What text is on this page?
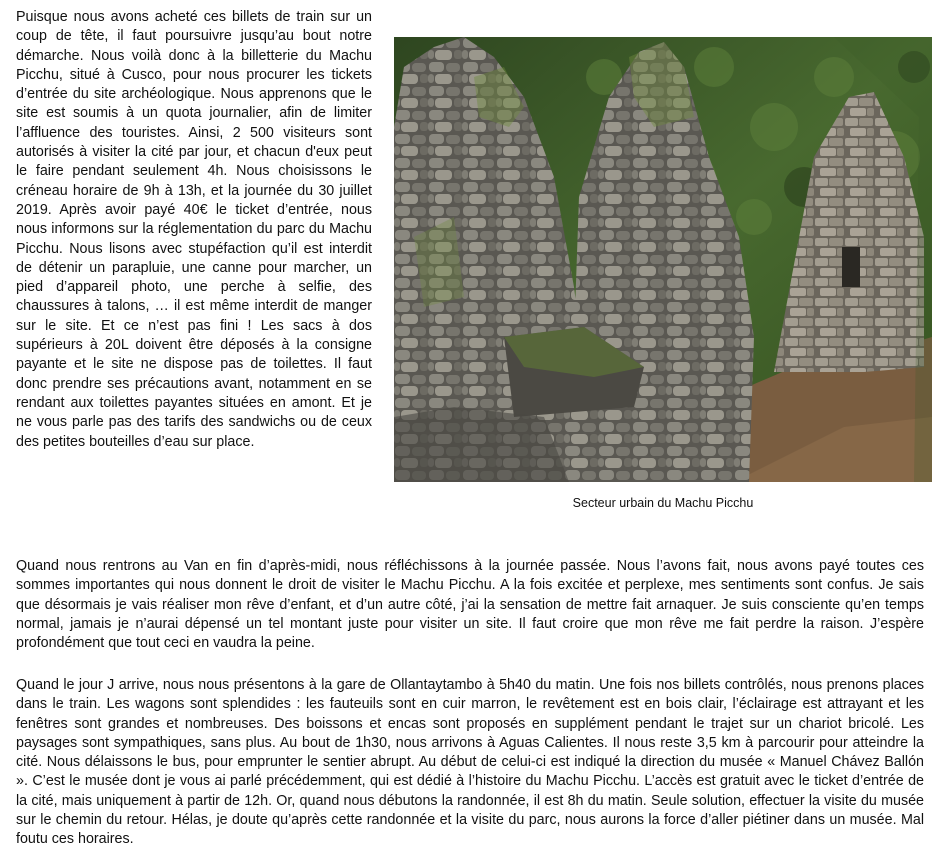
Puisque nous avons acheté ces billets de train sur un coup de tête, il faut poursuivre jusqu’au bout notre démarche. Nous voilà donc à la billetterie du Machu Picchu, situé à Cusco, pour nous procurer les tickets d’entrée du site archéologique. Nous apprenons que le site est soumis à un quota journalier, afin de limiter l’affluence des touristes. Ainsi, 2 500 visiteurs sont autorisés à visiter la cité par jour, et chacun d'eux peut le faire pendant seulement 4h. Nous choisissons le créneau horaire de 9h à 13h, et la journée du 30 juillet 2019. Après avoir payé 40€ le ticket d’entrée, nous nous informons sur la réglementation du parc du Machu Picchu. Nous lisons avec stupéfaction qu’il est interdit de détenir un parapluie, une canne pour marcher, un pied d’appareil photo, une perche à selfie, des chaussures à talons, … il est même interdit de manger sur le site. Et ce n’est pas fini ! Les sacs à dos supérieurs à 20L doivent être déposés à la consigne payante et le site ne dispose pas de toilettes. Il faut donc prendre ses précautions avant, notamment en se rendant aux toilettes payantes situées en amont. Et je ne vous parle pas des tarifs des sandwichs ou de ceux des petites bouteilles d’eau sur place.

Secteur urbain du Machu Picchu

Quand nous rentrons au Van en fin d’après-midi, nous réfléchissons à la journée passée. Nous l’avons fait, nous avons payé toutes ces sommes importantes qui nous donnent le droit de visiter le Machu Picchu. A la fois excitée et perplexe, mes sentiments sont confus. Je sais que désormais je vais réaliser mon rêve d’enfant, et d’un autre côté, j’ai la sensation de mettre fait arnaquer. Je suis consciente qu’en temps normal, jamais je n’aurai dépensé un tel montant juste pour visiter un site. Il faut croire que mon rêve me fait perdre la raison. J’espère profondément que tout ceci en vaudra la peine.

Quand le jour J arrive, nous nous présentons à la gare de Ollantaytambo à 5h40 du matin. Une fois nos billets contrôlés, nous prenons places dans le train. Les wagons sont splendides : les fauteuils sont en cuir marron, le revêtement est en bois clair, l’éclairage est attrayant et les fenêtres sont grandes et nombreuses. Des boissons et encas sont proposés en supplément pendant le trajet sur un chariot bricolé. Les paysages sont sympathiques, sans plus. Au bout de 1h30, nous arrivons à Aguas Calientes. Il nous reste 3,5 km à parcourir pour atteindre la cité. Nous délaissons le bus, pour emprunter le sentier abrupt. Au début de celui-ci est indiqué la direction du musée « Manuel Chávez Ballón ». C’est le musée dont je vous ai parlé précédemment, qui est dédié à l’histoire du Machu Picchu. L’accès est gratuit avec le ticket d’entrée de la cité, mais uniquement à partir de 12h. Or, quand nous débutons la randonnée, il est 8h du matin. Seule solution, effectuer la visite du musée sur le chemin du retour. Hélas, je doute qu’après cette randonnée et la visite du parc, nous aurons la force d’aller piétiner dans un musée. Mal foutu ces horaires.
